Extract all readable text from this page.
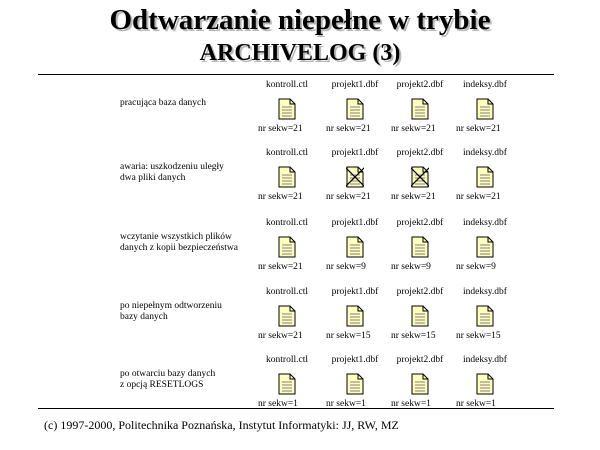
Odtwarzanie niepełne w trybie
ARCHIVELOG (3)
pracująca baza danych
kontroll.ctl
nr sekw=21
projekt1.dbf
nr sekw=21
projekt2.dbf
nr sekw=21
indeksy.dbf
nr sekw=21
awaria: uszkodzeniu uległy
dwa pliki danych
kontroll.ctl
nr sekw=21
projekt1.dbf
nr sekw=21
projekt2.dbf
nr sekw=21
indeksy.dbf
nr sekw=21
wczytanie wszystkich plików
danych z kopii bezpieczeństwa
kontroll.ctl
nr sekw=21
projekt1.dbf
nr sekw=9
projekt2.dbf
nr sekw=9
indeksy.dbf
nr sekw=9
po niepełnym odtworzeniu
bazy danych
kontroll.ctl
nr sekw=21
projekt1.dbf
nr sekw=15
projekt2.dbf
nr sekw=15
indeksy.dbf
nr sekw=15
po otwarciu bazy danych
z opcją RESETLOGS
kontroll.ctl
nr sekw=1
projekt1.dbf
nr sekw=1
projekt2.dbf
nr sekw=1
indeksy.dbf
nr sekw=1
(c) 1997-2000, Politechnika Poznańska, Instytut Informatyki: JJ, RW, MZ
